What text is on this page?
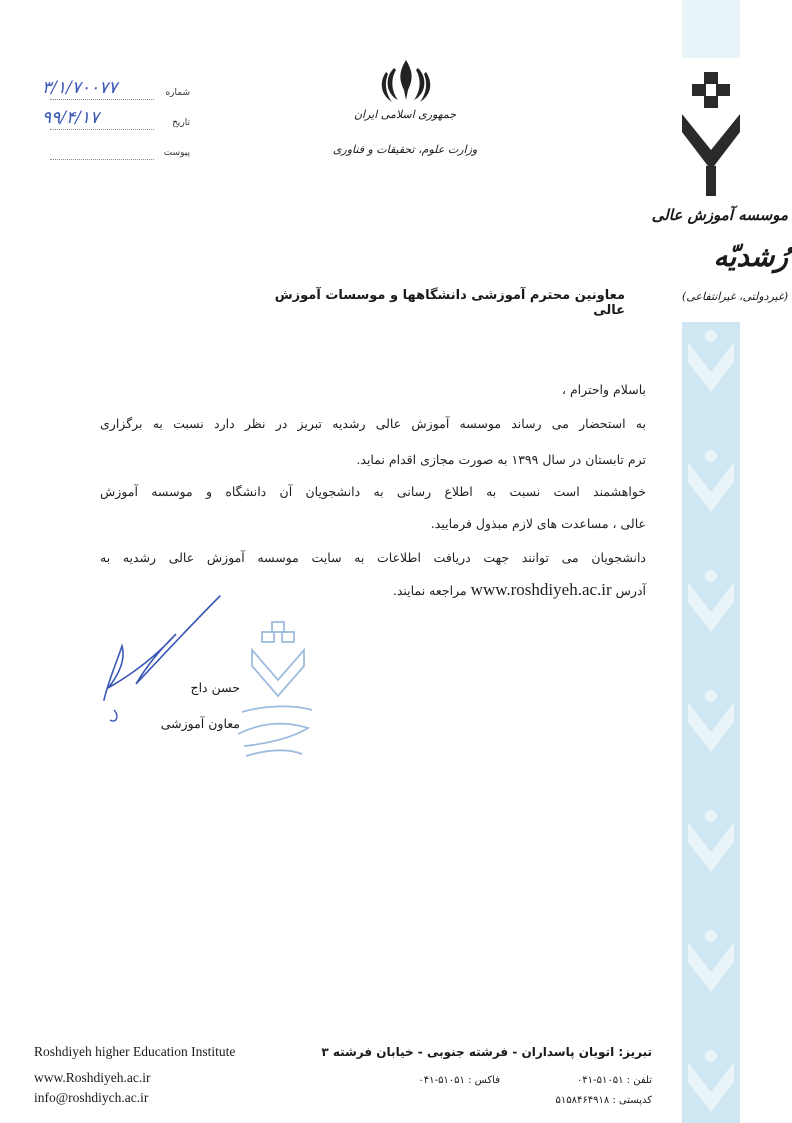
۳/۱/۷۰۰۷۷	شماره
۹۹/۴/۱۷	تاریخ
پیوست
جمهوری اسلامی ایران
وزارت علوم، تحقیقات و فناوری
موسسه آموزش عالی
رُشدیّه
(غیردولتی، غیرانتفاعی)
معاونین محترم آموزشی دانشگاهها و موسسات آموزش عالی
باسلام واحترام ،
به استحضار می رساند موسسه آموزش عالی رشدیه تبریز در نظر دارد نسبت به برگزاری
ترم تابستان در سال ۱۳۹۹ به صورت مجازی اقدام نماید.
خواهشمند است نسبت به اطلاع رسانی به دانشجویان آن دانشگاه و موسسه آموزش
عالی ، مساعدت های لازم مبذول فرمایید.
دانشجویان می توانند جهت دریافت اطلاعات به سایت موسسه آموزش عالی رشدیه به
آدرس www.roshdiyeh.ac.ir مراجعه نمایند.
حسن داج
معاون آموزشی
Roshdiyeh higher Education Institute
www.Roshdiyeh.ac.ir
info@roshdiych.ac.ir
تبریز: اتوبان پاسداران - فرشته جنوبی - خیابان فرشته ۳
تلفن : ۵۱۰۵۱-۰۴۱
فاکس : ۵۱۰۵۱-۰۴۱
کدپستی : ۵۱۵۸۴۶۴۹۱۸
